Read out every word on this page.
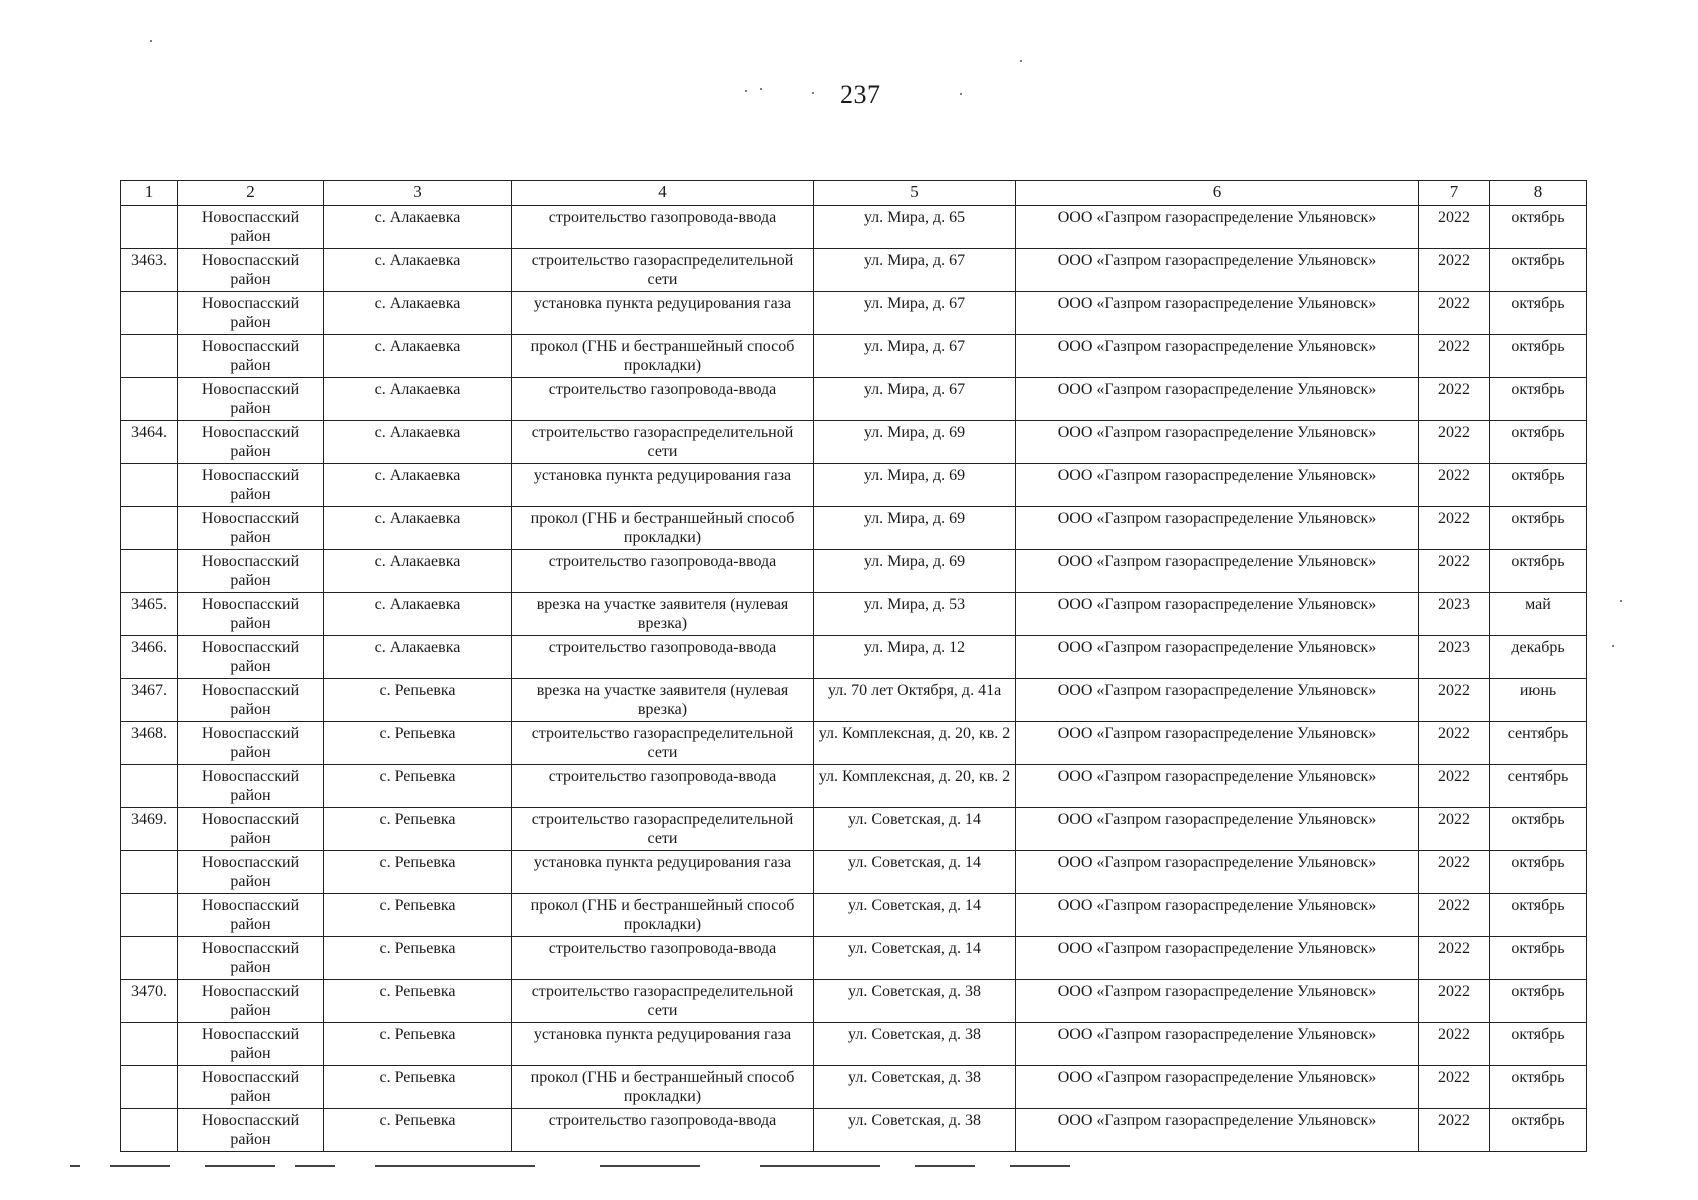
237
1	2	3	4	5	6	7	8
	Новоспасский район	с. Алакаевка	строительство газопровода-ввода	ул. Мира, д. 65	ООО «Газпром газораспределение Ульяновск»	2022	октябрь
3463.	Новоспасский район	с. Алакаевка	строительство газораспределительной сети	ул. Мира, д. 67	ООО «Газпром газораспределение Ульяновск»	2022	октябрь
	Новоспасский район	с. Алакаевка	установка пункта редуцирования газа	ул. Мира, д. 67	ООО «Газпром газораспределение Ульяновск»	2022	октябрь
	Новоспасский район	с. Алакаевка	прокол (ГНБ и бестраншейный способ прокладки)	ул. Мира, д. 67	ООО «Газпром газораспределение Ульяновск»	2022	октябрь
	Новоспасский район	с. Алакаевка	строительство газопровода-ввода	ул. Мира, д. 67	ООО «Газпром газораспределение Ульяновск»	2022	октябрь
3464.	Новоспасский район	с. Алакаевка	строительство газораспределительной сети	ул. Мира, д. 69	ООО «Газпром газораспределение Ульяновск»	2022	октябрь
	Новоспасский район	с. Алакаевка	установка пункта редуцирования газа	ул. Мира, д. 69	ООО «Газпром газораспределение Ульяновск»	2022	октябрь
	Новоспасский район	с. Алакаевка	прокол (ГНБ и бестраншейный способ прокладки)	ул. Мира, д. 69	ООО «Газпром газораспределение Ульяновск»	2022	октябрь
	Новоспасский район	с. Алакаевка	строительство газопровода-ввода	ул. Мира, д. 69	ООО «Газпром газораспределение Ульяновск»	2022	октябрь
3465.	Новоспасский район	с. Алакаевка	врезка на участке заявителя (нулевая врезка)	ул. Мира, д. 53	ООО «Газпром газораспределение Ульяновск»	2023	май
3466.	Новоспасский район	с. Алакаевка	строительство газопровода-ввода	ул. Мира, д. 12	ООО «Газпром газораспределение Ульяновск»	2023	декабрь
3467.	Новоспасский район	с. Репьевка	врезка на участке заявителя (нулевая врезка)	ул. 70 лет Октября, д. 41а	ООО «Газпром газораспределение Ульяновск»	2022	июнь
3468.	Новоспасский район	с. Репьевка	строительство газораспределительной сети	ул. Комплексная, д. 20, кв. 2	ООО «Газпром газораспределение Ульяновск»	2022	сентябрь
	Новоспасский район	с. Репьевка	строительство газопровода-ввода	ул. Комплексная, д. 20, кв. 2	ООО «Газпром газораспределение Ульяновск»	2022	сентябрь
3469.	Новоспасский район	с. Репьевка	строительство газораспределительной сети	ул. Советская, д. 14	ООО «Газпром газораспределение Ульяновск»	2022	октябрь
	Новоспасский район	с. Репьевка	установка пункта редуцирования газа	ул. Советская, д. 14	ООО «Газпром газораспределение Ульяновск»	2022	октябрь
	Новоспасский район	с. Репьевка	прокол (ГНБ и бестраншейный способ прокладки)	ул. Советская, д. 14	ООО «Газпром газораспределение Ульяновск»	2022	октябрь
	Новоспасский район	с. Репьевка	строительство газопровода-ввода	ул. Советская, д. 14	ООО «Газпром газораспределение Ульяновск»	2022	октябрь
3470.	Новоспасский район	с. Репьевка	строительство газораспределительной сети	ул. Советская, д. 38	ООО «Газпром газораспределение Ульяновск»	2022	октябрь
	Новоспасский район	с. Репьевка	установка пункта редуцирования газа	ул. Советская, д. 38	ООО «Газпром газораспределение Ульяновск»	2022	октябрь
	Новоспасский район	с. Репьевка	прокол (ГНБ и бестраншейный способ прокладки)	ул. Советская, д. 38	ООО «Газпром газораспределение Ульяновск»	2022	октябрь
	Новоспасский район	с. Репьевка	строительство газопровода-ввода	ул. Советская, д. 38	ООО «Газпром газораспределение Ульяновск»	2022	октябрь
